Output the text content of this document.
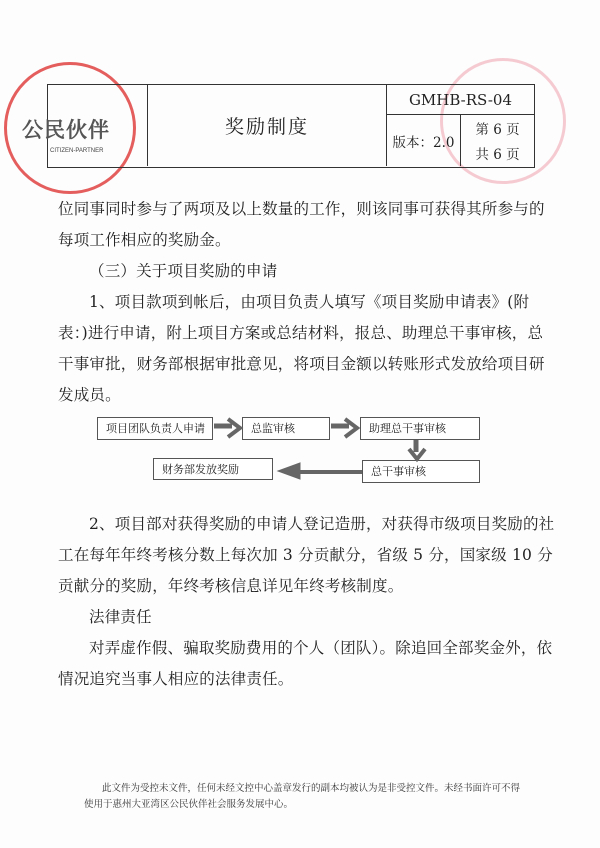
奖励制度
GMHB-RS-04
版本：2.0
第 6 页
共 6 页
公民伙伴
CITIZEN-PARTNER

位同事同时参与了两项及以上数量的工作，则该同事可获得其所参与的每项工作相应的奖励金。

（三）关于项目奖励的申请

1、项目款项到帐后，由项目负责人填写《项目奖励申请表》(附表：)进行申请，附上项目方案或总结材料，报总、助理总干事审核，总干事审批，财务部根据审批意见，将项目金额以转账形式发放给项目研发成员。

项目团队负责人申请	总监审核	助理总干事审核
总干事审核
财务部发放奖励

2、项目部对获得奖励的申请人登记造册，对获得市级项目奖励的社工在每年年终考核分数上每次加 3 分贡献分，省级 5 分，国家级 10 分贡献分的奖励，年终考核信息详见年终考核制度。

法律责任

对弄虚作假、骗取奖励费用的个人（团队）。除追回全部奖金外，依情况追究当事人相应的法律责任。

此文件为受控未文件，任何未经文控中心盖章发行的副本均被认为是非受控文件。未经书面许可不得
使用于惠州大亚湾区公民伙伴社会服务发展中心。
